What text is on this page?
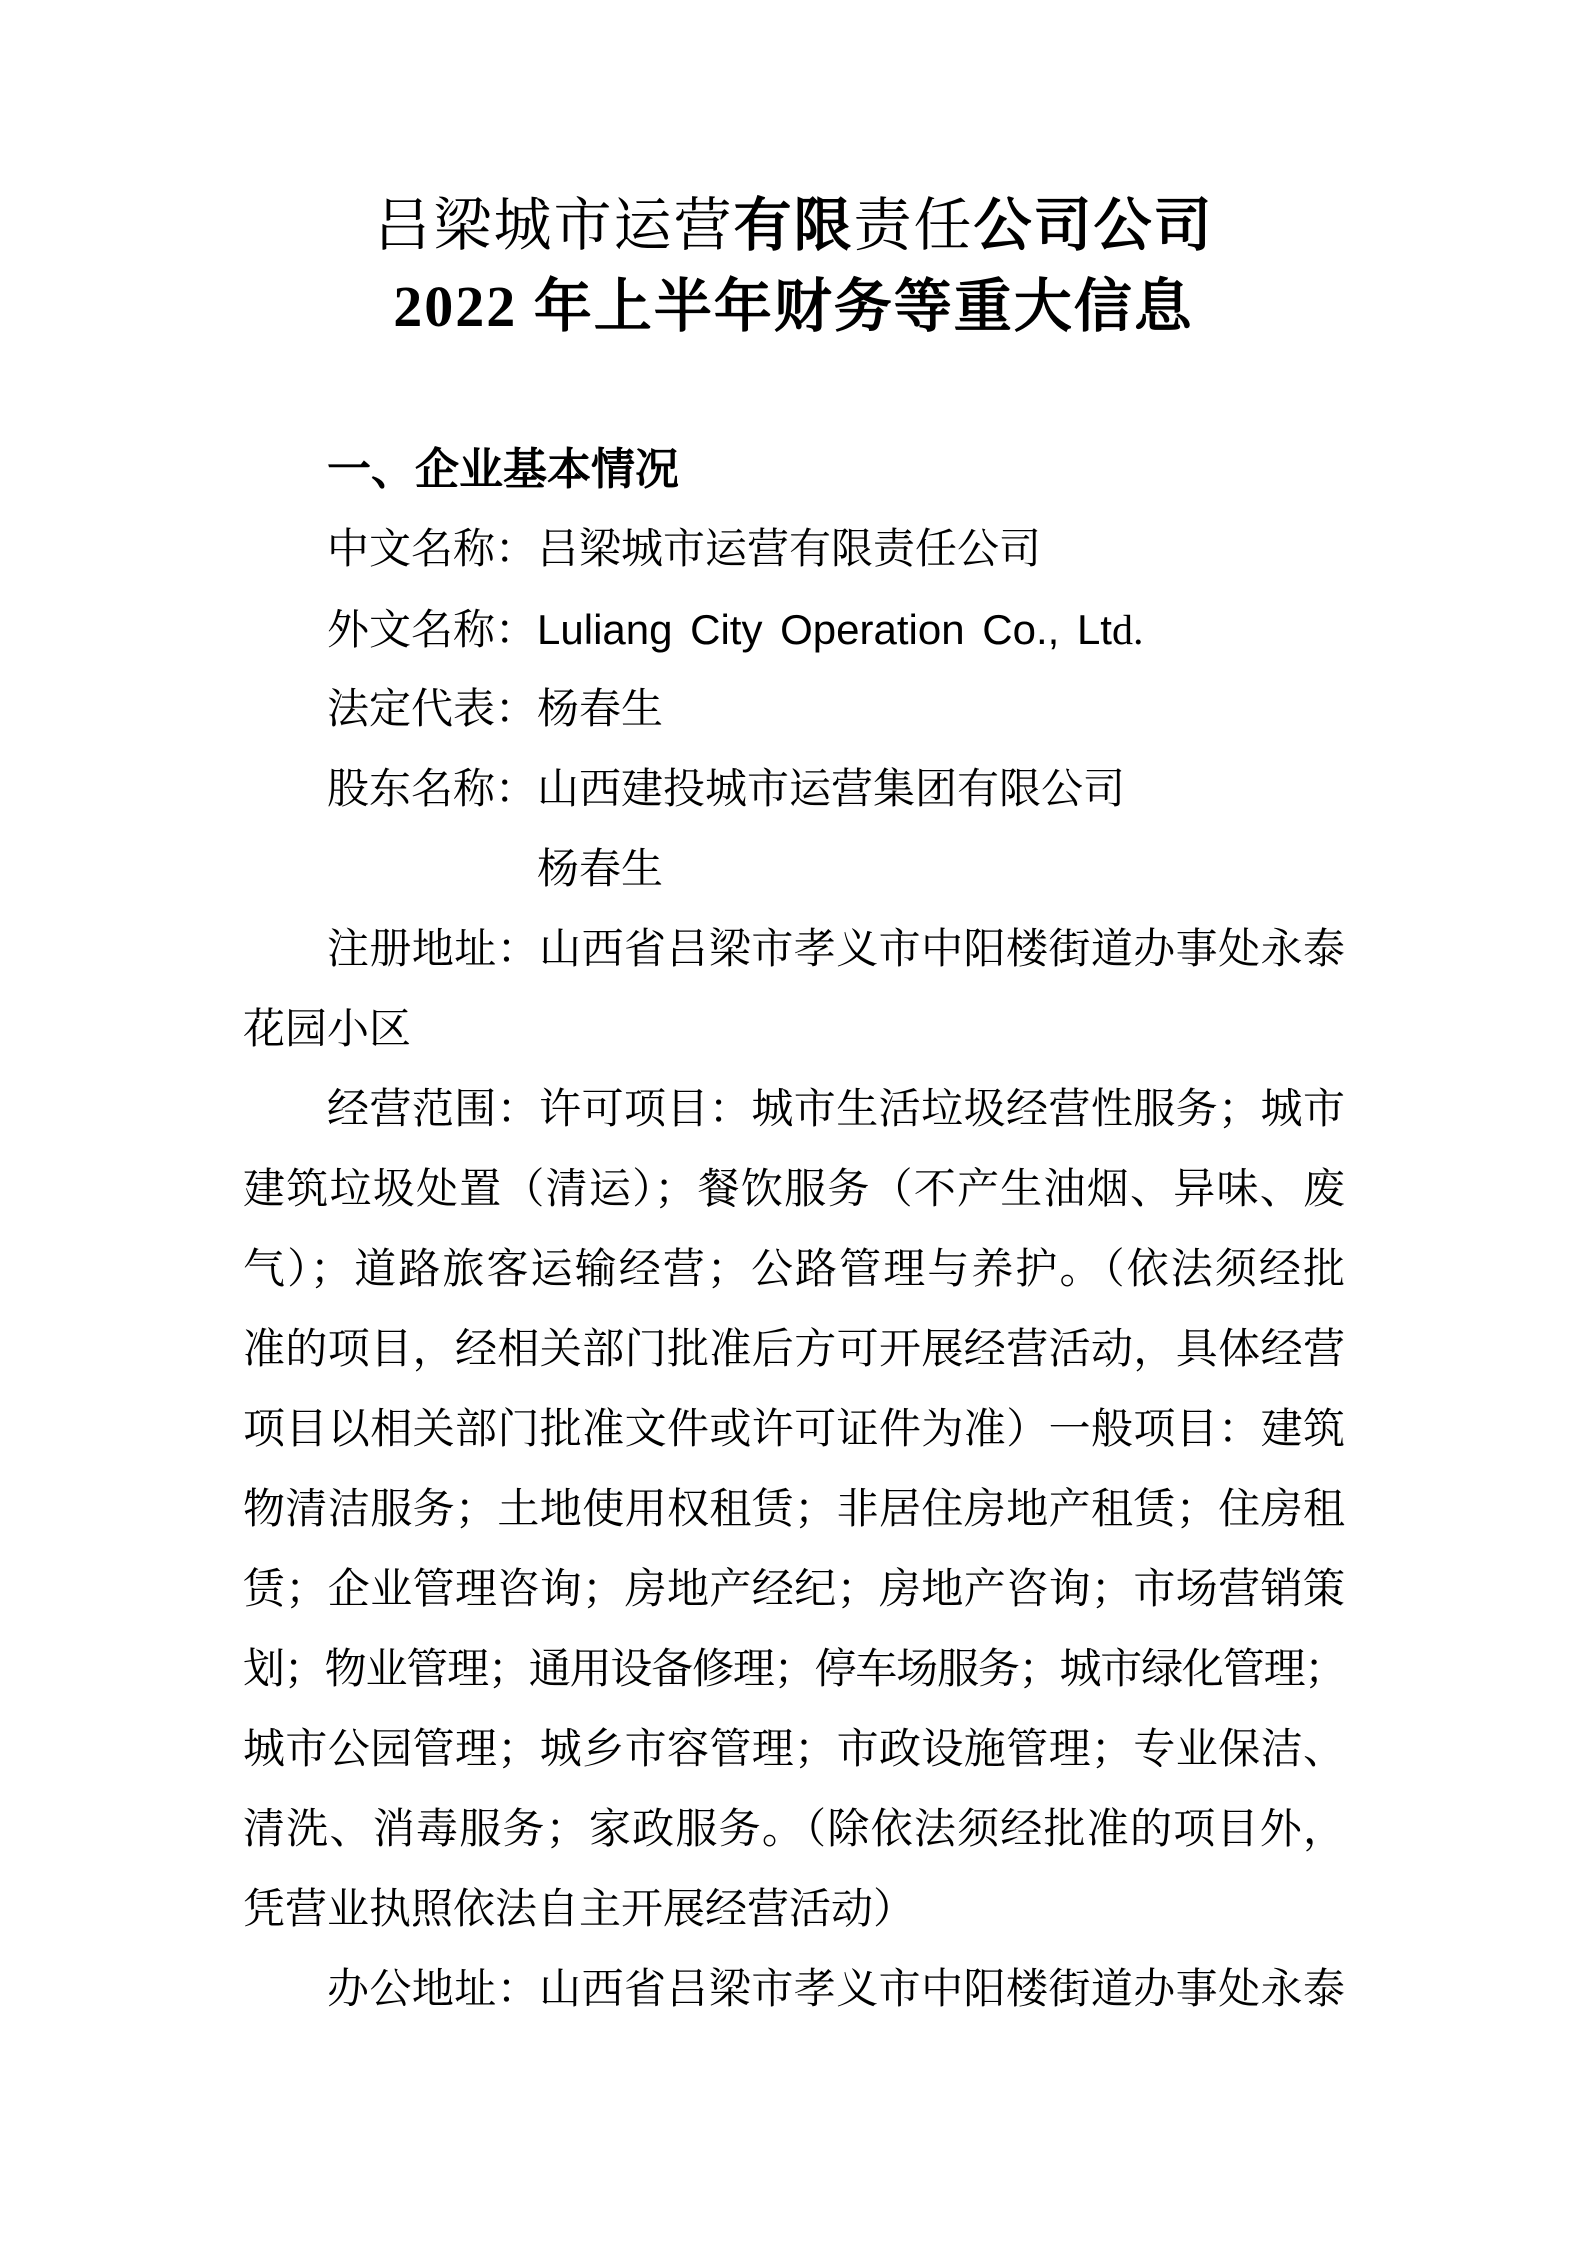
吕梁城市运营有限责任公司公司
2022 年上半年财务等重大信息
一、企业基本情况
中文名称：吕梁城市运营有限责任公司
外文名称：Luliang City Operation Co., Ltd.
法定代表：杨春生
股东名称：山西建投城市运营集团有限公司
杨春生
注册地址：山西省吕梁市孝义市中阳楼街道办事处永泰
花园小区
经营范围：许可项目：城市生活垃圾经营性服务；城市
建筑垃圾处置（清运）；餐饮服务（不产生油烟、异味、废
气）；道路旅客运输经营；公路管理与养护。（依法须经批
准的项目，经相关部门批准后方可开展经营活动，具体经营
项目以相关部门批准文件或许可证件为准）一般项目：建筑
物清洁服务；土地使用权租赁；非居住房地产租赁；住房租
赁；企业管理咨询；房地产经纪；房地产咨询；市场营销策
划；物业管理；通用设备修理；停车场服务；城市绿化管理；
城市公园管理；城乡市容管理；市政设施管理；专业保洁、
清洗、消毒服务；家政服务。（除依法须经批准的项目外，
凭营业执照依法自主开展经营活动）
办公地址：山西省吕梁市孝义市中阳楼街道办事处永泰
